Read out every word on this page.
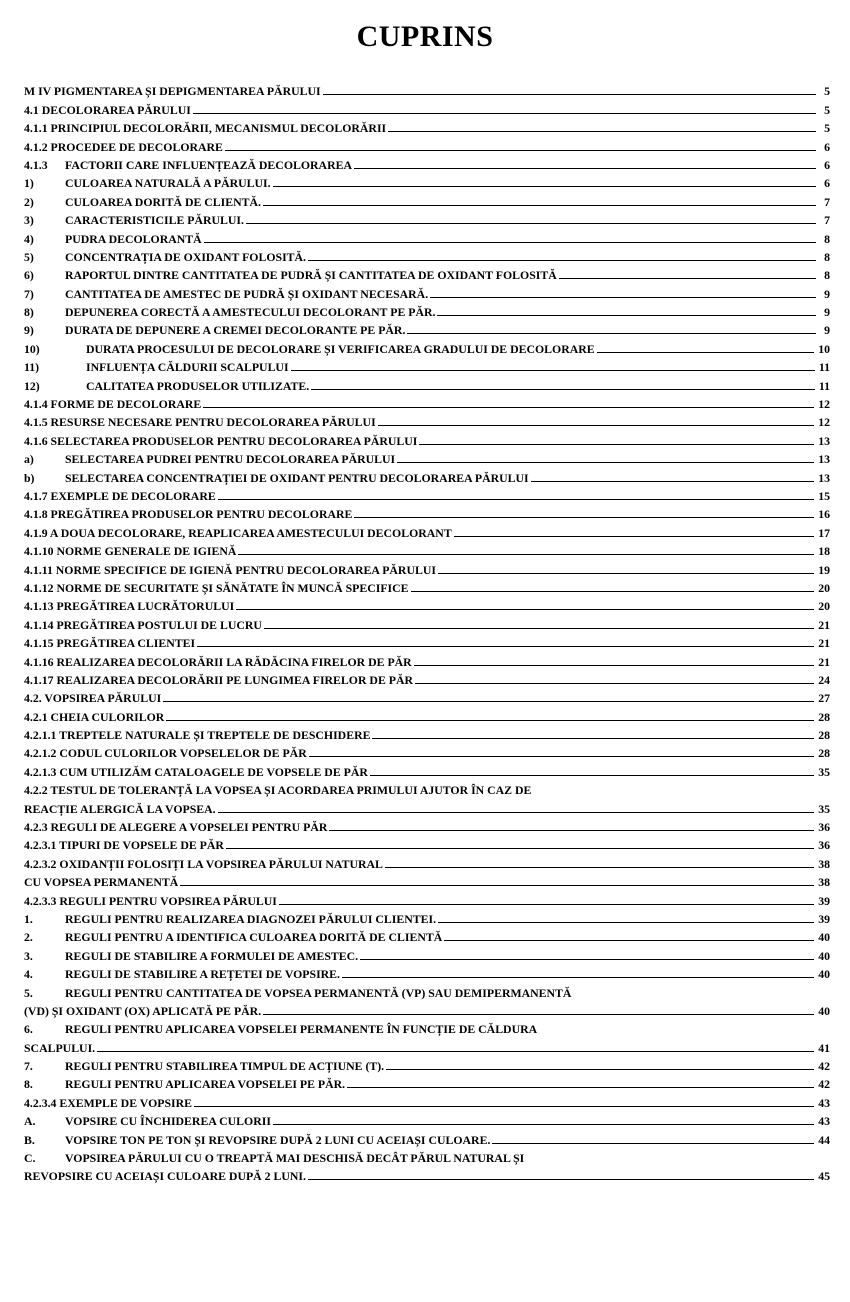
CUPRINS
M IV PIGMENTAREA ȘI DEPIGMENTAREA PĂRULUI	5
4.1 DECOLORAREA PĂRULUI	5
4.1.1 PRINCIPIUL DECOLORĂRII, MECANISMUL DECOLORĂRII	5
4.1.2 PROCEDEE DE DECOLORARE	6
4.1.3	FACTORII CARE INFLUENȚEAZĂ DECOLORAREA	6
1)	CULOAREA NATURALĂ A PĂRULUI.	6
2)	CULOAREA DORITĂ DE CLIENTĂ.	7
3)	CARACTERISTICILE PĂRULUI.	7
4)	PUDRA DECOLORANTĂ	8
5)	CONCENTRAȚIA DE OXIDANT FOLOSITĂ.	8
6)	RAPORTUL DINTRE CANTITATEA DE PUDRĂ ȘI CANTITATEA DE OXIDANT FOLOSITĂ	8
7)	CANTITATEA DE AMESTEC DE PUDRĂ ȘI OXIDANT NECESARĂ.	9
8)	DEPUNEREA CORECTĂ A AMESTECULUI DECOLORANT PE PĂR.	9
9)	DURATA DE DEPUNERE A CREMEI DECOLORANTE PE PĂR.	9
10)	DURATA PROCESULUI DE DECOLORARE ȘI VERIFICAREA GRADULUI DE DECOLORARE	10
11)	INFLUENȚA CĂLDURII SCALPULUI	11
12)	CALITATEA PRODUSELOR UTILIZATE.	11
4.1.4 FORME DE DECOLORARE	12
4.1.5 RESURSE NECESARE PENTRU DECOLORAREA PĂRULUI	12
4.1.6 SELECTAREA PRODUSELOR PENTRU DECOLORAREA PĂRULUI	13
a)	SELECTAREA PUDREI PENTRU DECOLORAREA PĂRULUI	13
b)	SELECTAREA CONCENTRAȚIEI DE OXIDANT PENTRU DECOLORAREA PĂRULUI	13
4.1.7 EXEMPLE DE DECOLORARE	15
4.1.8 PREGĂTIREA PRODUSELOR PENTRU DECOLORARE	16
4.1.9 A DOUA DECOLORARE, REAPLICAREA AMESTECULUI DECOLORANT	17
4.1.10 NORME GENERALE DE IGIENĂ	18
4.1.11 NORME SPECIFICE DE IGIENĂ PENTRU DECOLORAREA PĂRULUI	19
4.1.12 NORME DE SECURITATE ȘI SĂNĂTATE ÎN MUNCĂ SPECIFICE	20
4.1.13 PREGĂTIREA LUCRĂTORULUI	20
4.1.14 PREGĂTIREA POSTULUI DE LUCRU	21
4.1.15 PREGĂTIREA CLIENTEI	21
4.1.16 REALIZAREA DECOLORĂRII LA RĂDĂCINA FIRELOR DE PĂR	21
4.1.17 REALIZAREA DECOLORĂRII PE LUNGIMEA FIRELOR DE PĂR	24
4.2. VOPSIREA PĂRULUI	27
4.2.1 CHEIA CULORILOR	28
4.2.1.1 TREPTELE NATURALE ȘI TREPTELE DE DESCHIDERE	28
4.2.1.2 CODUL CULORILOR VOPSELELOR DE PĂR	28
4.2.1.3 CUM UTILIZĂM CATALOAGELE DE VOPSELE DE PĂR	35
4.2.2 TESTUL DE TOLERANȚĂ LA VOPSEA ȘI ACORDAREA PRIMULUI AJUTOR ÎN CAZ DE
REACȚIE ALERGICĂ LA VOPSEA.	35
4.2.3 REGULI DE ALEGERE A VOPSELEI PENTRU PĂR	36
4.2.3.1 TIPURI DE VOPSELE DE PĂR	36
4.2.3.2 OXIDANȚII FOLOSIȚI LA VOPSIREA PĂRULUI NATURAL	38
CU VOPSEA PERMANENTĂ	38
4.2.3.3 REGULI PENTRU VOPSIREA PĂRULUI	39
1.	REGULI PENTRU REALIZAREA DIAGNOZEI PĂRULUI CLIENTEI.	39
2.	REGULI PENTRU A IDENTIFICA CULOAREA DORITĂ DE CLIENTĂ	40
3.	REGULI DE STABILIRE A FORMULEI DE AMESTEC.	40
4.	REGULI DE STABILIRE A REȚETEI DE VOPSIRE.	40
5.	REGULI PENTRU CANTITATEA DE VOPSEA PERMANENTĂ (VP) SAU DEMIPERMANENTĂ
(VD) ȘI OXIDANT (OX) APLICATĂ PE PĂR.	40
6.	REGULI PENTRU APLICAREA VOPSELEI PERMANENTE ÎN FUNCȚIE DE CĂLDURA
SCALPULUI.	41
7.	REGULI PENTRU STABILIREA TIMPUL DE ACȚIUNE (T).	42
8.	REGULI PENTRU APLICAREA VOPSELEI PE PĂR.	42
4.2.3.4 EXEMPLE DE VOPSIRE	43
A.	VOPSIRE CU ÎNCHIDEREA CULORII	43
B.	VOPSIRE TON PE TON ȘI REVOPSIRE DUPĂ 2 LUNI CU ACEIAȘI CULOARE.	44
C.	VOPSIREA PĂRULUI CU O TREAPTĂ MAI DESCHISĂ DECÂT PĂRUL NATURAL ȘI
REVOPSIRE CU ACEIAȘI CULOARE DUPĂ 2 LUNI.	45
